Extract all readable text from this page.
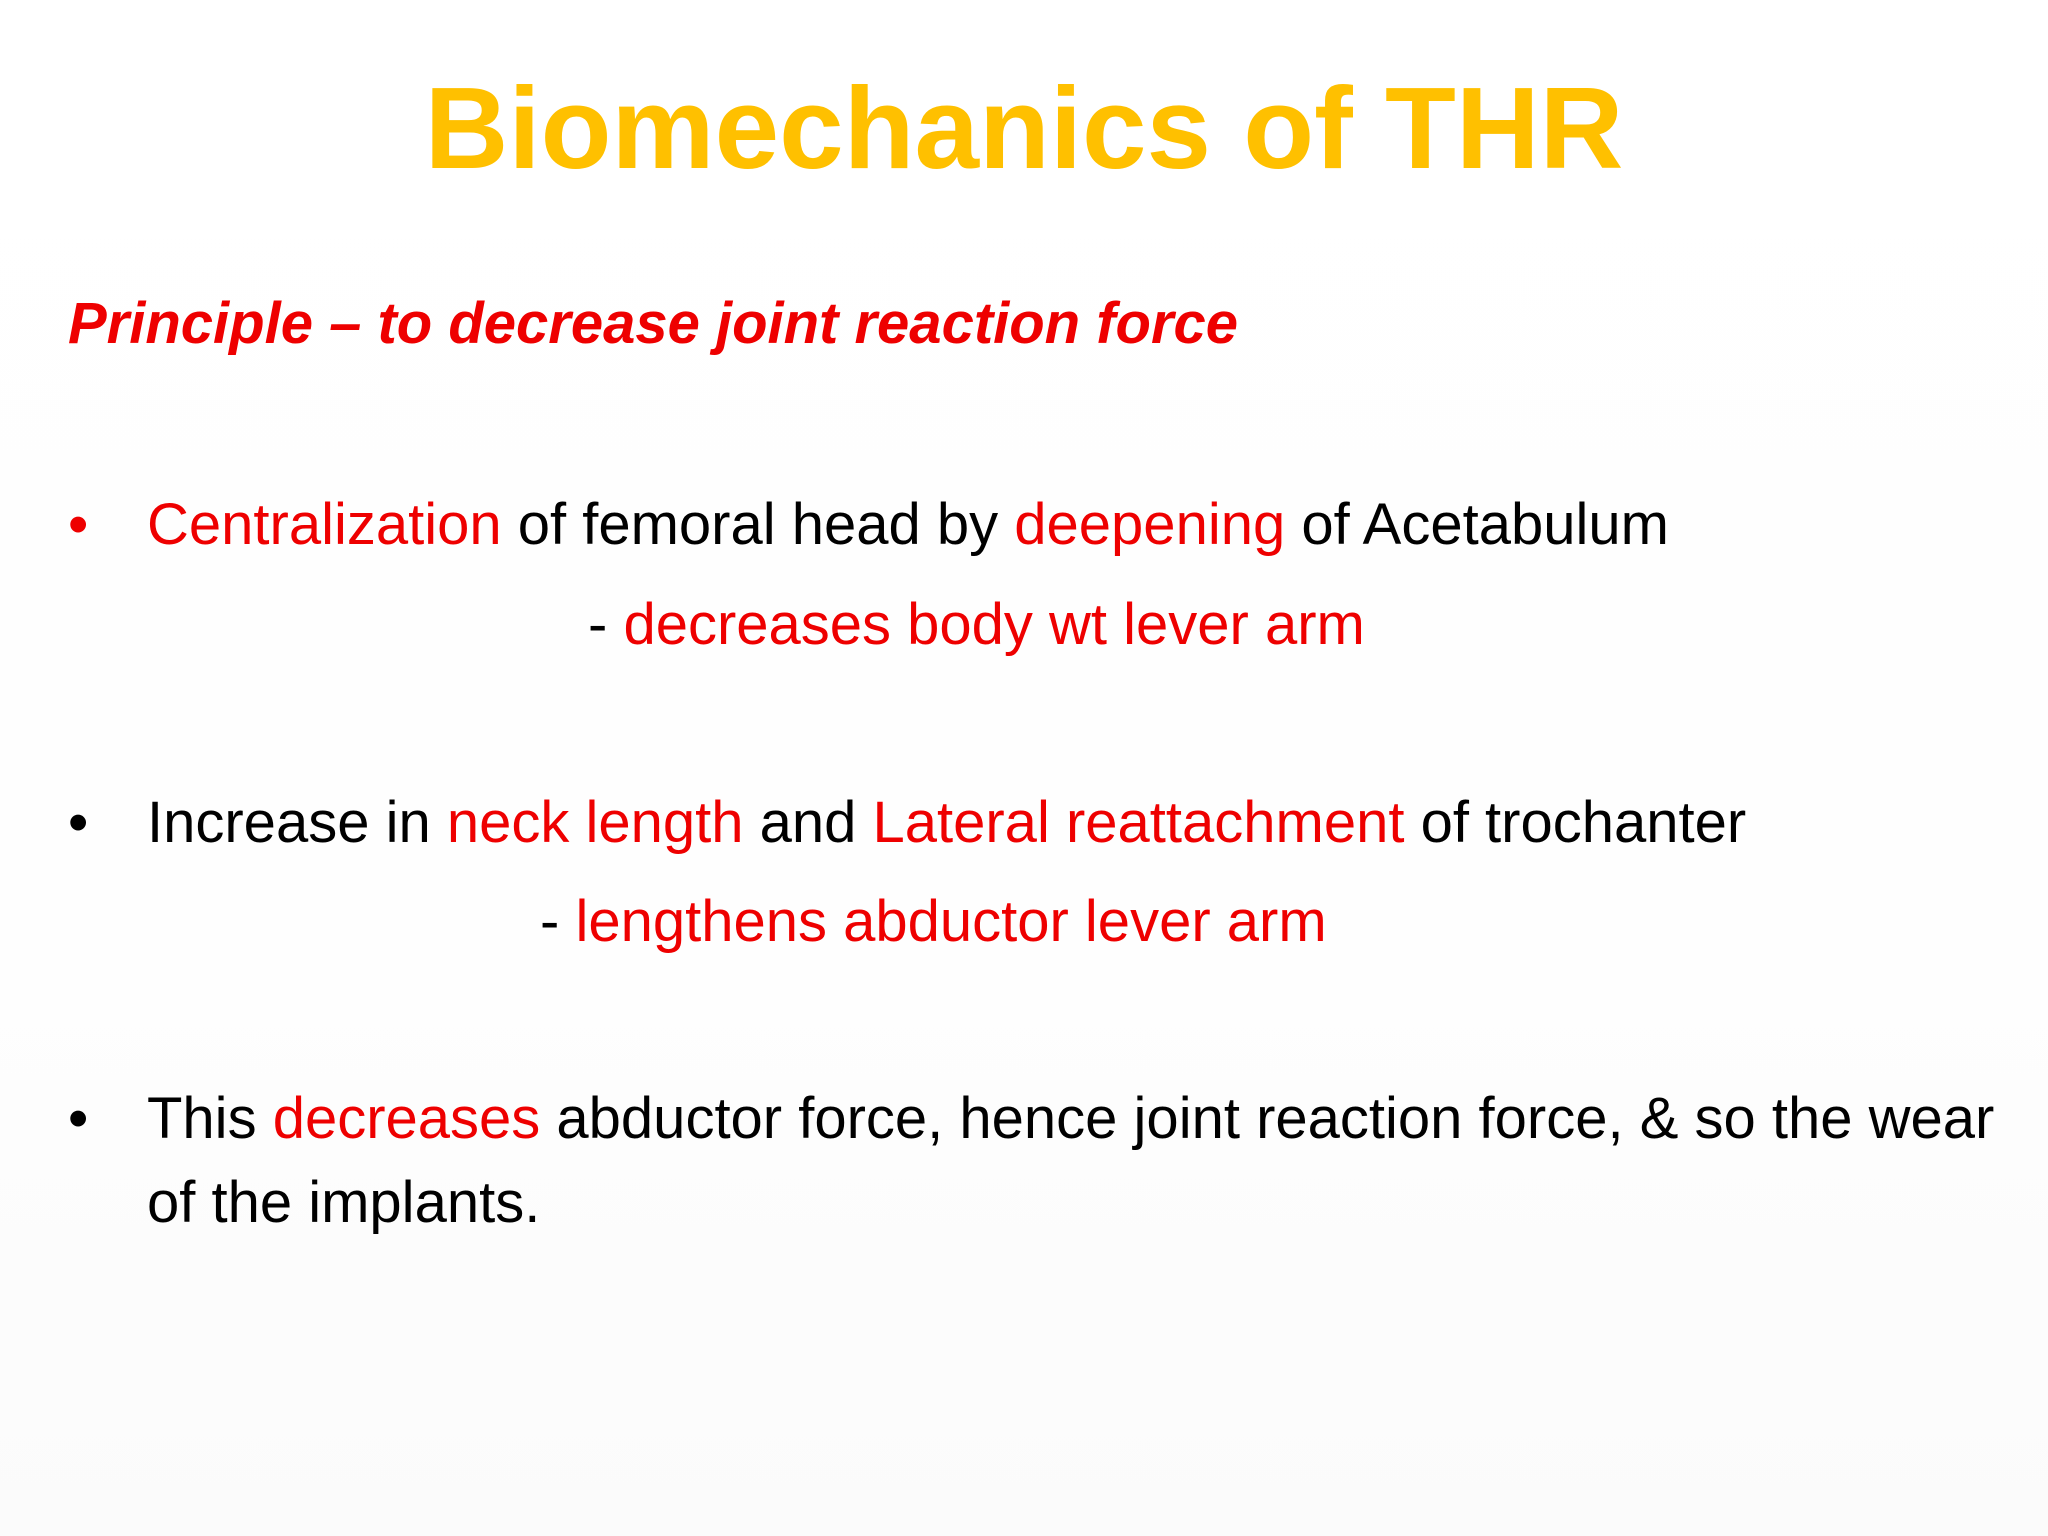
Biomechanics of THR
Principle – to decrease joint reaction force
•	Centralization of femoral head by deepening of Acetabulum
- decreases body wt lever arm
•	Increase in neck length and Lateral reattachment of trochanter
- lengthens abductor lever arm
•	This decreases abductor force, hence joint reaction force, & so the wear of the implants.
